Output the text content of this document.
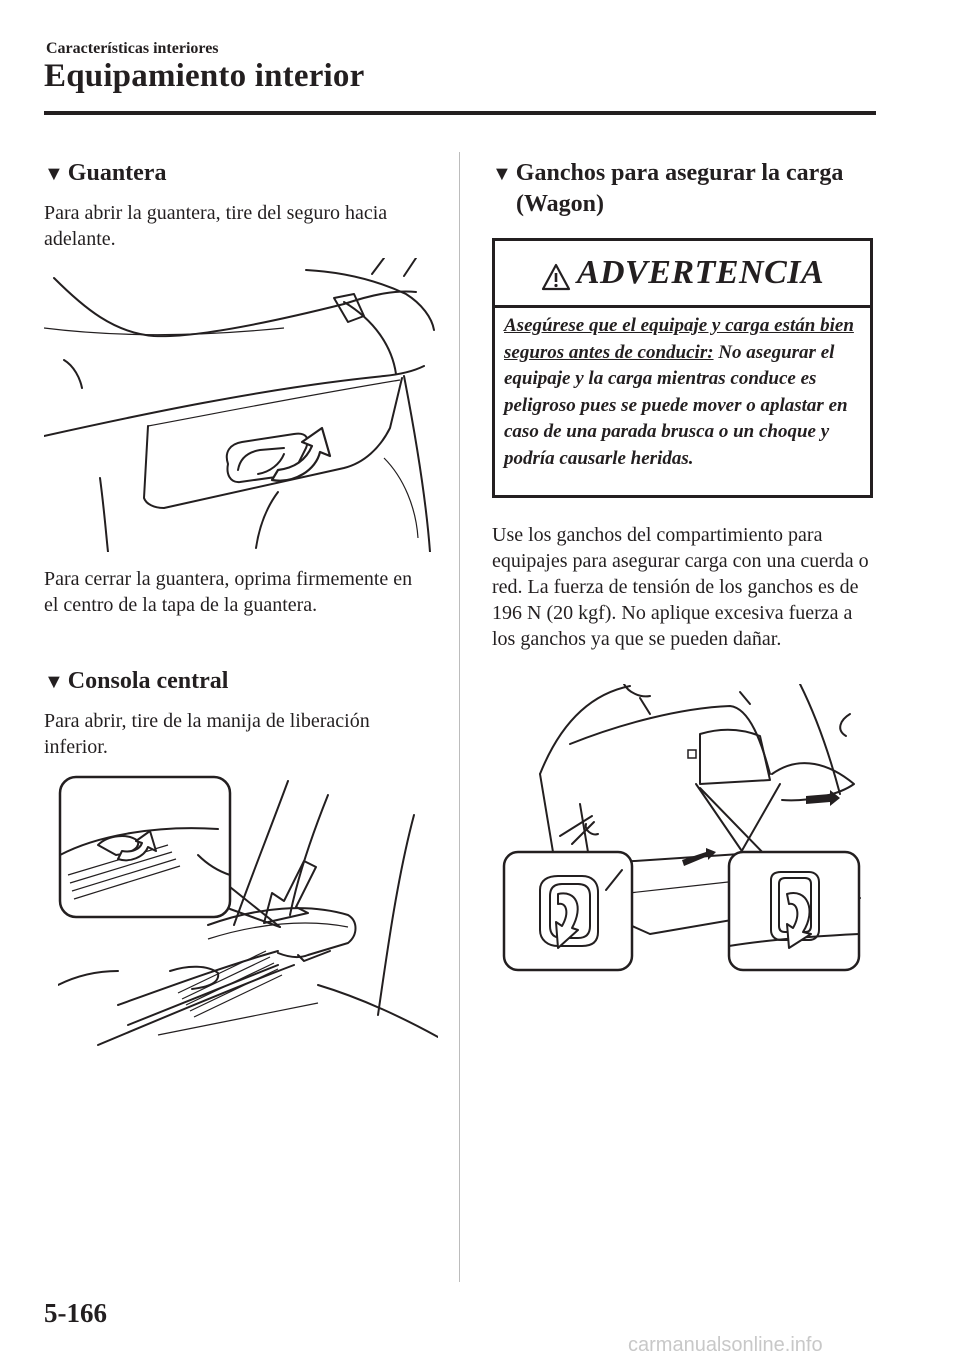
Características interiores
Equipamiento interior
▼ Guantera
Para abrir la guantera, tire del seguro hacia adelante.
Para cerrar la guantera, oprima firmemente en el centro de la tapa de la guantera.
▼ Consola central
Para abrir, tire de la manija de liberación inferior.
▼ Ganchos para asegurar la carga
(Wagon)
ADVERTENCIA
Asegúrese que el equipaje y carga están bien seguros antes de conducir: No asegurar el equipaje y la carga mientras conduce es peligroso pues se puede mover o aplastar en caso de una parada brusca o un choque y podría causarle heridas.
Use los ganchos del compartimiento para equipajes para asegurar carga con una cuerda o red. La fuerza de tensión de los ganchos es de 196 N (20 kgf). No aplique excesiva fuerza a los ganchos ya que se pueden dañar.
5-166
carmanualsonline.info
